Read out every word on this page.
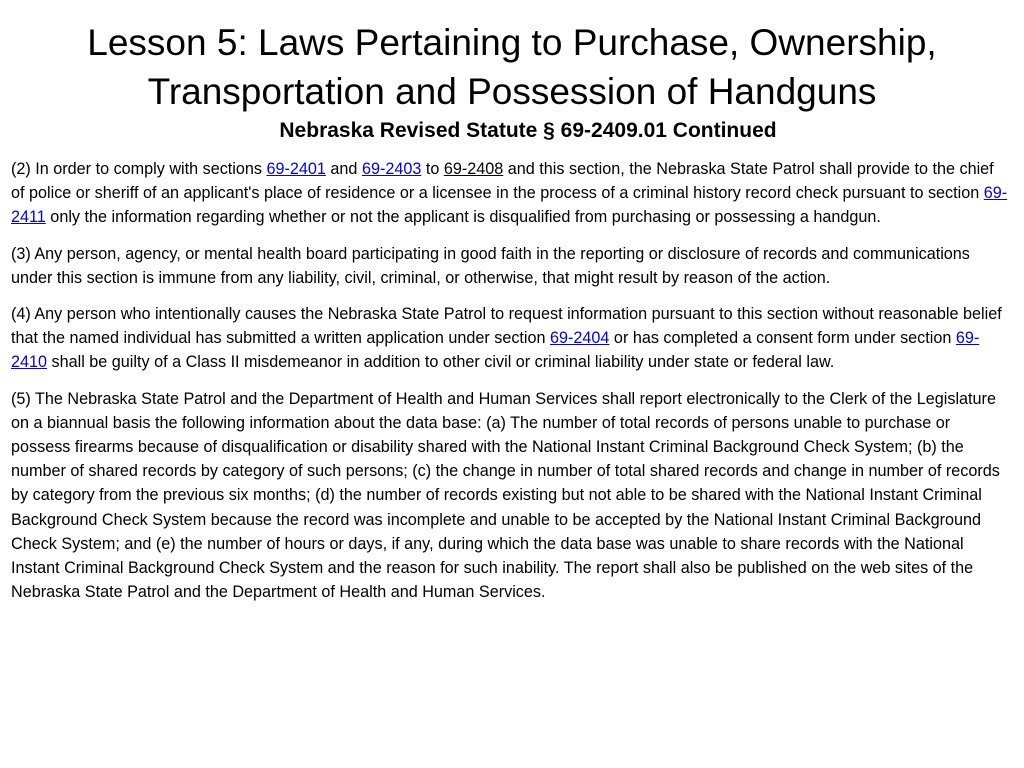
Lesson 5: Laws Pertaining to Purchase, Ownership,
Transportation and Possession of Handguns
Nebraska Revised Statute § 69-2409.01 Continued

(2) In order to comply with sections 69-2401 and 69-2403 to 69-2408 and this section, the Nebraska State Patrol shall provide to the chief of police or sheriff of an applicant's place of residence or a licensee in the process of a criminal history record check pursuant to section 69-2411 only the information regarding whether or not the applicant is disqualified from purchasing or possessing a handgun.

(3) Any person, agency, or mental health board participating in good faith in the reporting or disclosure of records and communications under this section is immune from any liability, civil, criminal, or otherwise, that might result by reason of the action.

(4) Any person who intentionally causes the Nebraska State Patrol to request information pursuant to this section without reasonable belief that the named individual has submitted a written application under section 69-2404 or has completed a consent form under section 69-2410 shall be guilty of a Class II misdemeanor in addition to other civil or criminal liability under state or federal law.

(5) The Nebraska State Patrol and the Department of Health and Human Services shall report electronically to the Clerk of the Legislature on a biannual basis the following information about the data base: (a) The number of total records of persons unable to purchase or possess firearms because of disqualification or disability shared with the National Instant Criminal Background Check System; (b) the number of shared records by category of such persons; (c) the change in number of total shared records and change in number of records by category from the previous six months; (d) the number of records existing but not able to be shared with the National Instant Criminal Background Check System because the record was incomplete and unable to be accepted by the National Instant Criminal Background Check System; and (e) the number of hours or days, if any, during which the data base was unable to share records with the National Instant Criminal Background Check System and the reason for such inability. The report shall also be published on the web sites of the Nebraska State Patrol and the Department of Health and Human Services.
